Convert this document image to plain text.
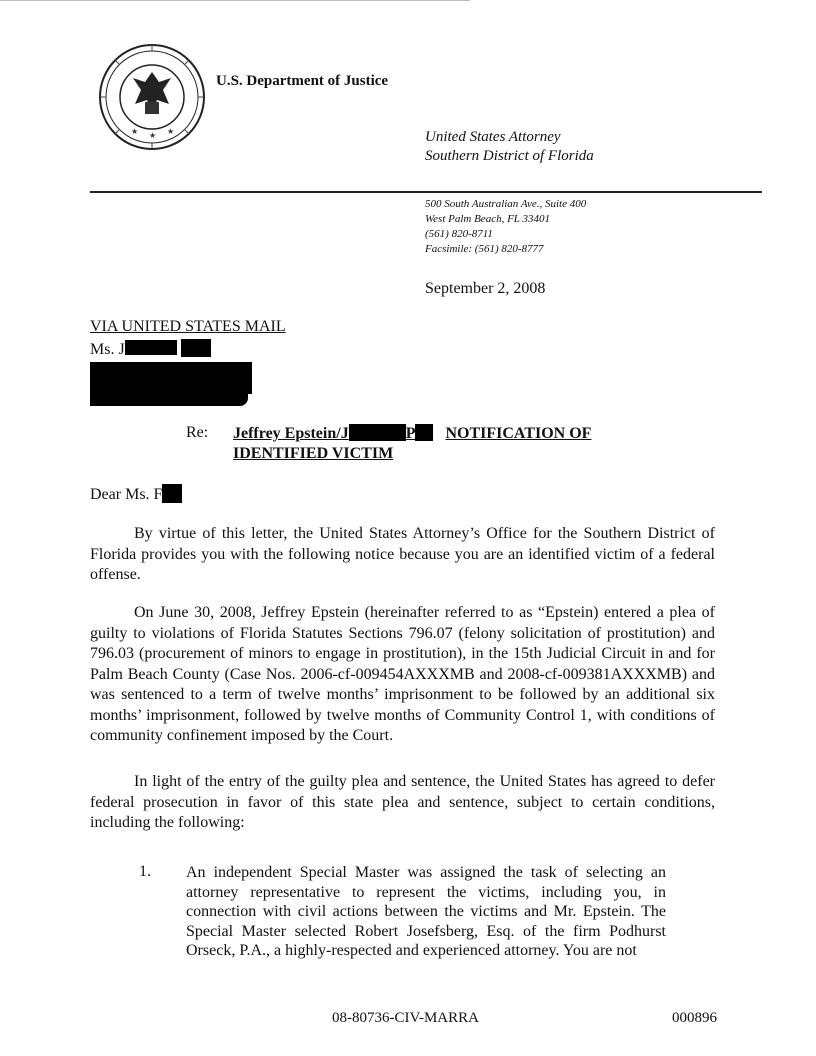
★ ★ ★
U.S. Department of Justice
United States Attorney
Southern District of Florida
500 South Australian Ave., Suite 400
West Palm Beach, FL 33401
(561) 820-8711
Facsimile: (561) 820-8777
September 2, 2008
VIA UNITED STATES MAIL
Ms. J
Re: Jeffrey Epstein/J	P NOTIFICATION OF
IDENTIFIED VICTIM
Dear Ms. F

By virtue of this letter, the United States Attorney’s Office for the Southern District of Florida provides you with the following notice because you are an identified victim of a federal offense.

On June 30, 2008, Jeffrey Epstein (hereinafter referred to as “Epstein) entered a plea of guilty to violations of Florida Statutes Sections 796.07 (felony solicitation of prostitution) and 796.03 (procurement of minors to engage in prostitution), in the 15th Judicial Circuit in and for Palm Beach County (Case Nos. 2006-cf-009454AXXXMB and 2008-cf-009381AXXXMB) and was sentenced to a term of twelve months’ imprisonment to be followed by an additional six months’ imprisonment, followed by twelve months of Community Control 1, with conditions of community confinement imposed by the Court.

In light of the entry of the guilty plea and sentence, the United States has agreed to defer federal prosecution in favor of this state plea and sentence, subject to certain conditions, including the following:

1. An independent Special Master was assigned the task of selecting an attorney representative to represent the victims, including you, in connection with civil actions between the victims and Mr. Epstein. The Special Master selected Robert Josefsberg, Esq. of the firm Podhurst Orseck, P.A., a highly-respected and experienced attorney. You are not

08-80736-CIV-MARRA	000896
